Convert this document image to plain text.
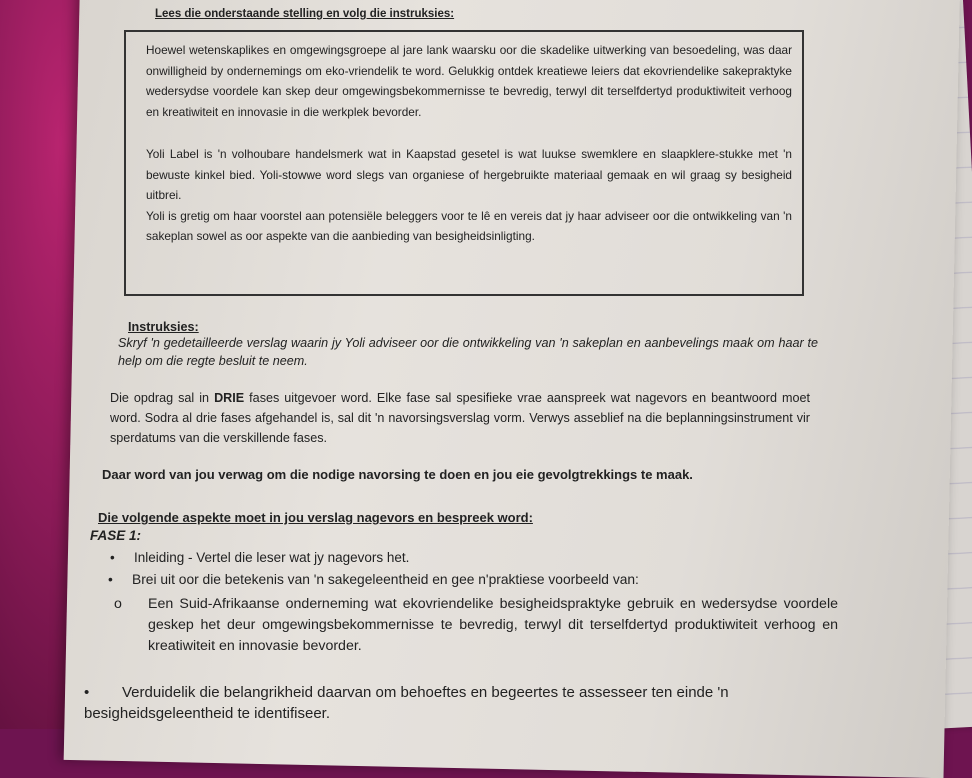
Lees die onderstaande stelling en volg die instruksies:

Hoewel wetenskaplikes en omgewingsgroepe al jare lank waarsku oor die skadelike uitwerking van besoedeling, was daar onwilligheid by ondernemings om eko-vriendelik te word. Gelukkig ontdek kreatiewe leiers dat ekovriendelike sakepraktyke wedersydse voordele kan skep deur omgewingsbekommernisse te bevredig, terwyl dit terselfdertyd produktiwiteit verhoog en kreatiwiteit en innovasie in die werkplek bevorder.

Yoli Label is 'n volhoubare handelsmerk wat in Kaapstad gesetel is wat luukse swemklere en slaapklere-stukke met 'n bewuste kinkel bied. Yoli-stowwe word slegs van organiese of hergebruikte materiaal gemaak en wil graag sy besigheid uitbrei.

Yoli is gretig om haar voorstel aan potensiële beleggers voor te lê en vereis dat jy haar adviseer oor die ontwikkeling van 'n sakeplan sowel as oor aspekte van die aanbieding van besigheidsinligting.

Instruksies:
Skryf 'n gedetailleerde verslag waarin jy Yoli adviseer oor die ontwikkeling van 'n sakeplan en aanbevelings maak om haar te help om die regte besluit te neem.
Die opdrag sal in DRIE fases uitgevoer word. Elke fase sal spesifieke vrae aanspreek wat nagevors en beantwoord moet word. Sodra al drie fases afgehandel is, sal dit 'n navorsingsverslag vorm. Verwys asseblief na die beplanningsinstrument vir sperdatums van die verskillende fases.
Daar word van jou verwag om die nodige navorsing te doen en jou eie gevolgtrekkings te maak.
Die volgende aspekte moet in jou verslag nagevors en bespreek word:
FASE 1:
• Inleiding - Vertel die leser wat jy nagevors het.
• Brei uit oor die betekenis van 'n sakegeleentheid en gee n'praktiese voorbeeld van:
o Een Suid-Afrikaanse onderneming wat ekovriendelike besigheidspraktyke gebruik en wedersydse voordele geskep het deur omgewingsbekommernisse te bevredig, terwyl dit terselfdertyd produktiwiteit verhoog en kreatiwiteit en innovasie bevorder.
• Verduidelik die belangrikheid daarvan om behoeftes en begeertes te assesseer ten einde 'n besigheidsgeleentheid te identifiseer.
